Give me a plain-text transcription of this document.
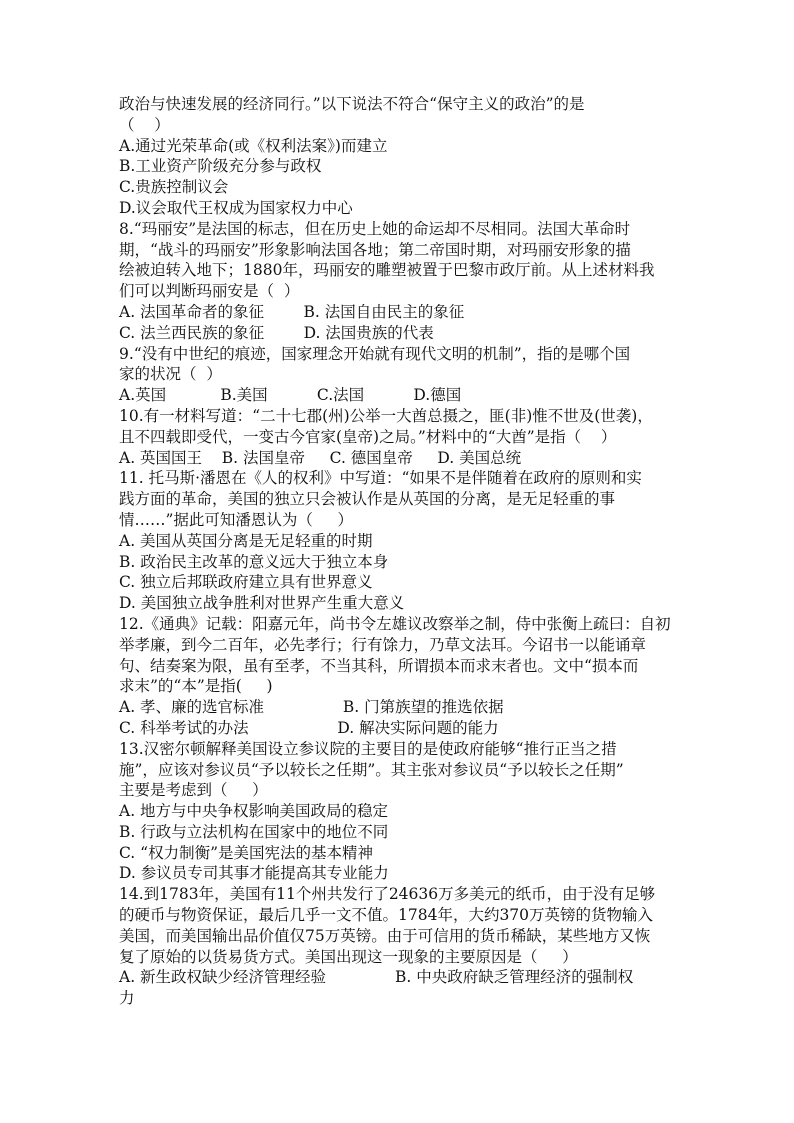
政治与快速发展的经济同行。”以下说法不符合“保守主义的政治”的是
（    ）
A.通过光荣革命(或《权利法案》)而建立
B.工业资产阶级充分参与政权
C.贵族控制议会
D.议会取代王权成为国家权力中心
8.“玛丽安”是法国的标志，但在历史上她的命运却不尽相同。法国大革命时
期，“战斗的玛丽安”形象影响法国各地；第二帝国时期，对玛丽安形象的描
绘被迫转入地下；1880年，玛丽安的雕塑被置于巴黎市政厅前。从上述材料我
们可以判断玛丽安是（  ）
A. 法国革命者的象征        B. 法国自由民主的象征
C. 法兰西民族的象征        D. 法国贵族的代表
9.“没有中世纪的痕迹，国家理念开始就有现代文明的机制”，指的是哪个国
家的状况（  ）
A.英国           B.美国          C.法国          D.德国
10.有一材料写道：“二十七郡(州)公举一大酋总摄之，匪(非)惟不世及(世袭)，
且不四载即受代，一变古今官家(皇帝)之局。”材料中的“大酋”是指（    ）
A. 英国国王    B. 法国皇帝     C. 德国皇帝     D. 美国总统
11. 托马斯·潘恩在《人的权利》中写道：“如果不是伴随着在政府的原则和实
践方面的革命，美国的独立只会被认作是从英国的分离，是无足轻重的事
情……”据此可知潘恩认为（     ）
A. 美国从英国分离是无足轻重的时期
B. 政治民主改革的意义远大于独立本身
C. 独立后邦联政府建立具有世界意义
D. 美国独立战争胜利对世界产生重大意义
12.《通典》记载：阳嘉元年，尚书令左雄议改察举之制，侍中张衡上疏曰：自初
举孝廉，到今二百年，必先孝行；行有馀力，乃草文法耳。今诏书一以能诵章
句、结奏案为限，虽有至孝，不当其科，所谓损本而求末者也。文中“损本而
求末”的“本”是指(     )
A. 孝、廉的选官标准                B. 门第族望的推选依据
C. 科举考试的办法                  D. 解决实际问题的能力
13.汉密尔顿解释美国设立参议院的主要目的是使政府能够“推行正当之措
施”，应该对参议员“予以较长之任期”。其主张对参议员“予以较长之任期”
主要是考虑到（     ）
A. 地方与中央争权影响美国政局的稳定
B. 行政与立法机构在国家中的地位不同
C. “权力制衡”是美国宪法的基本精神
D. 参议员专司其事才能提高其专业能力
14.到1783年，美国有11个州共发行了24636万多美元的纸币，由于没有足够
的硬币与物资保证，最后几乎一文不值。1784年，大约370万英镑的货物输入
美国，而美国输出品价值仅75万英镑。由于可信用的货币稀缺，某些地方又恢
复了原始的以货易货方式。美国出现这一现象的主要原因是（     ）
A. 新生政权缺少经济管理经验              B. 中央政府缺乏管理经济的强制权
力
